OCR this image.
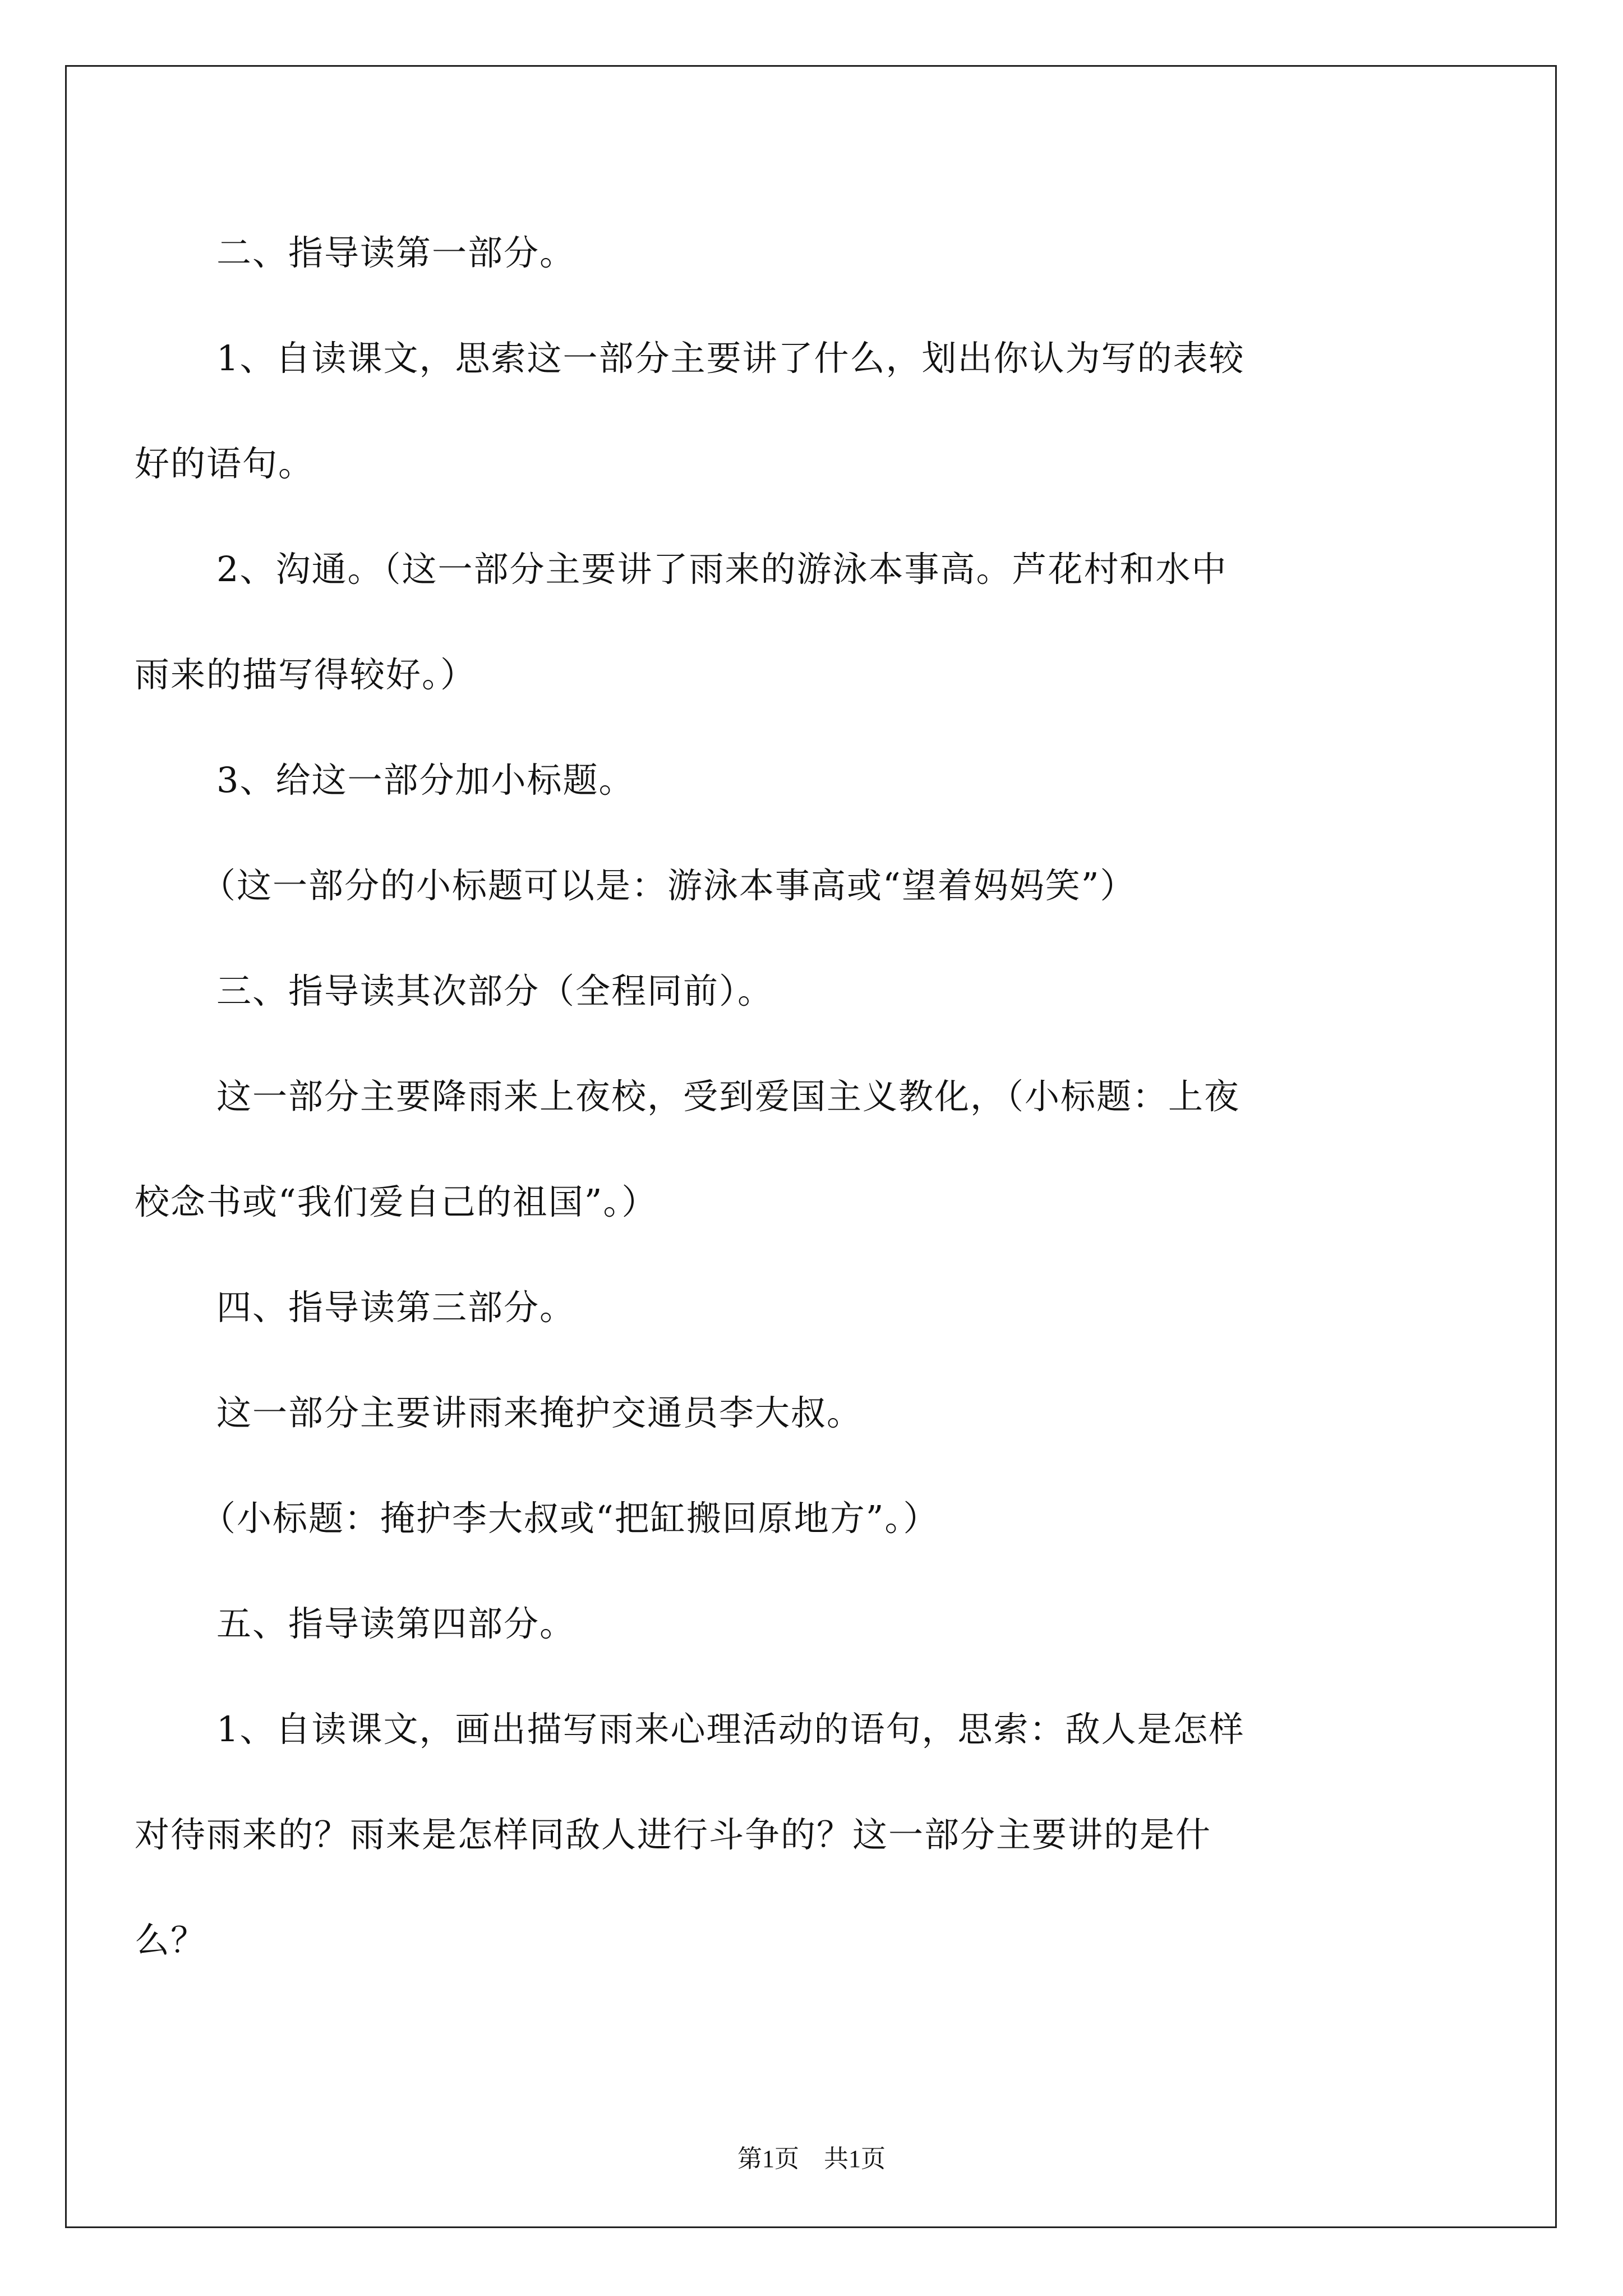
二、指导读第一部分。
1、自读课文，思索这一部分主要讲了什么，划出你认为写的表较
好的语句。
2、沟通。（这一部分主要讲了雨来的游泳本事高。芦花村和水中
雨来的描写得较好。）
3、给这一部分加小标题。
（这一部分的小标题可以是：游泳本事高或“望着妈妈笑”）
三、指导读其次部分（全程同前）。
这一部分主要降雨来上夜校，受到爱国主义教化，（小标题：上夜
校念书或“我们爱自己的祖国”。）
四、指导读第三部分。
这一部分主要讲雨来掩护交通员李大叔。
（小标题：掩护李大叔或“把缸搬回原地方”。）
五、指导读第四部分。
1、自读课文，画出描写雨来心理活动的语句，思索：敌人是怎样
对待雨来的？雨来是怎样同敌人进行斗争的？这一部分主要讲的是什
么？
第1页　共1页
